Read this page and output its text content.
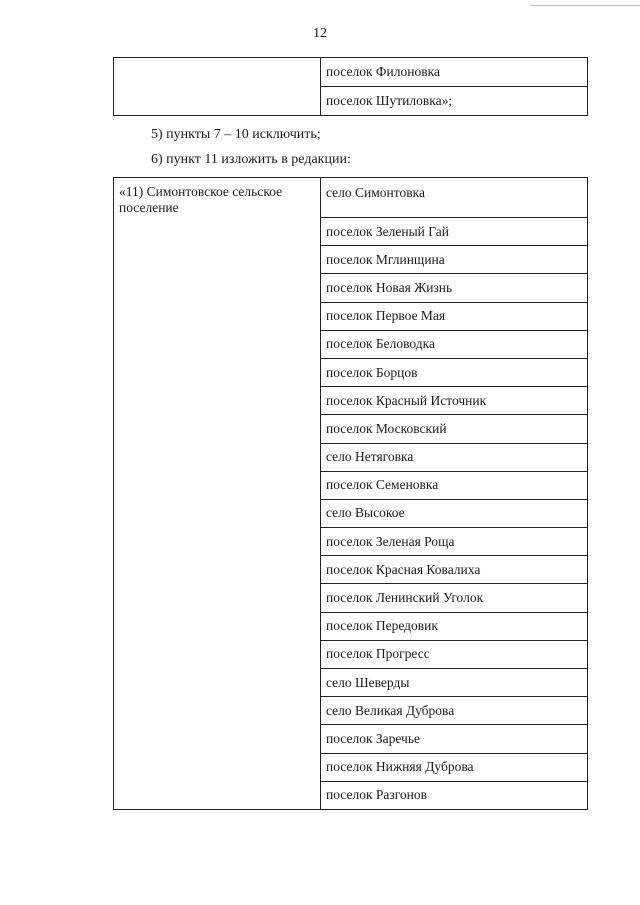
12
	поселок Филоновка
поселок Шутиловка»;
5) пункты 7 – 10 исключить;
6) пункт 11 изложить в редакции:
«11) Симонтовское сельское поселение	село Симонтовка
поселок Зеленый Гай
поселок Мглинщина
поселок Новая Жизнь
поселок Первое Мая
поселок Беловодка
поселок Борцов
поселок Красный Источник
поселок Московский
село Нетяговка
поселок Семеновка
село Высокое
поселок Зеленая Роща
поселок Красная Ковалиха
поселок Ленинский Уголок
поселок Передовик
поселок Прогресс
село Шеверды
село Великая Дуброва
поселок Заречье
поселок Нижняя Дуброва
поселок Разгонов
